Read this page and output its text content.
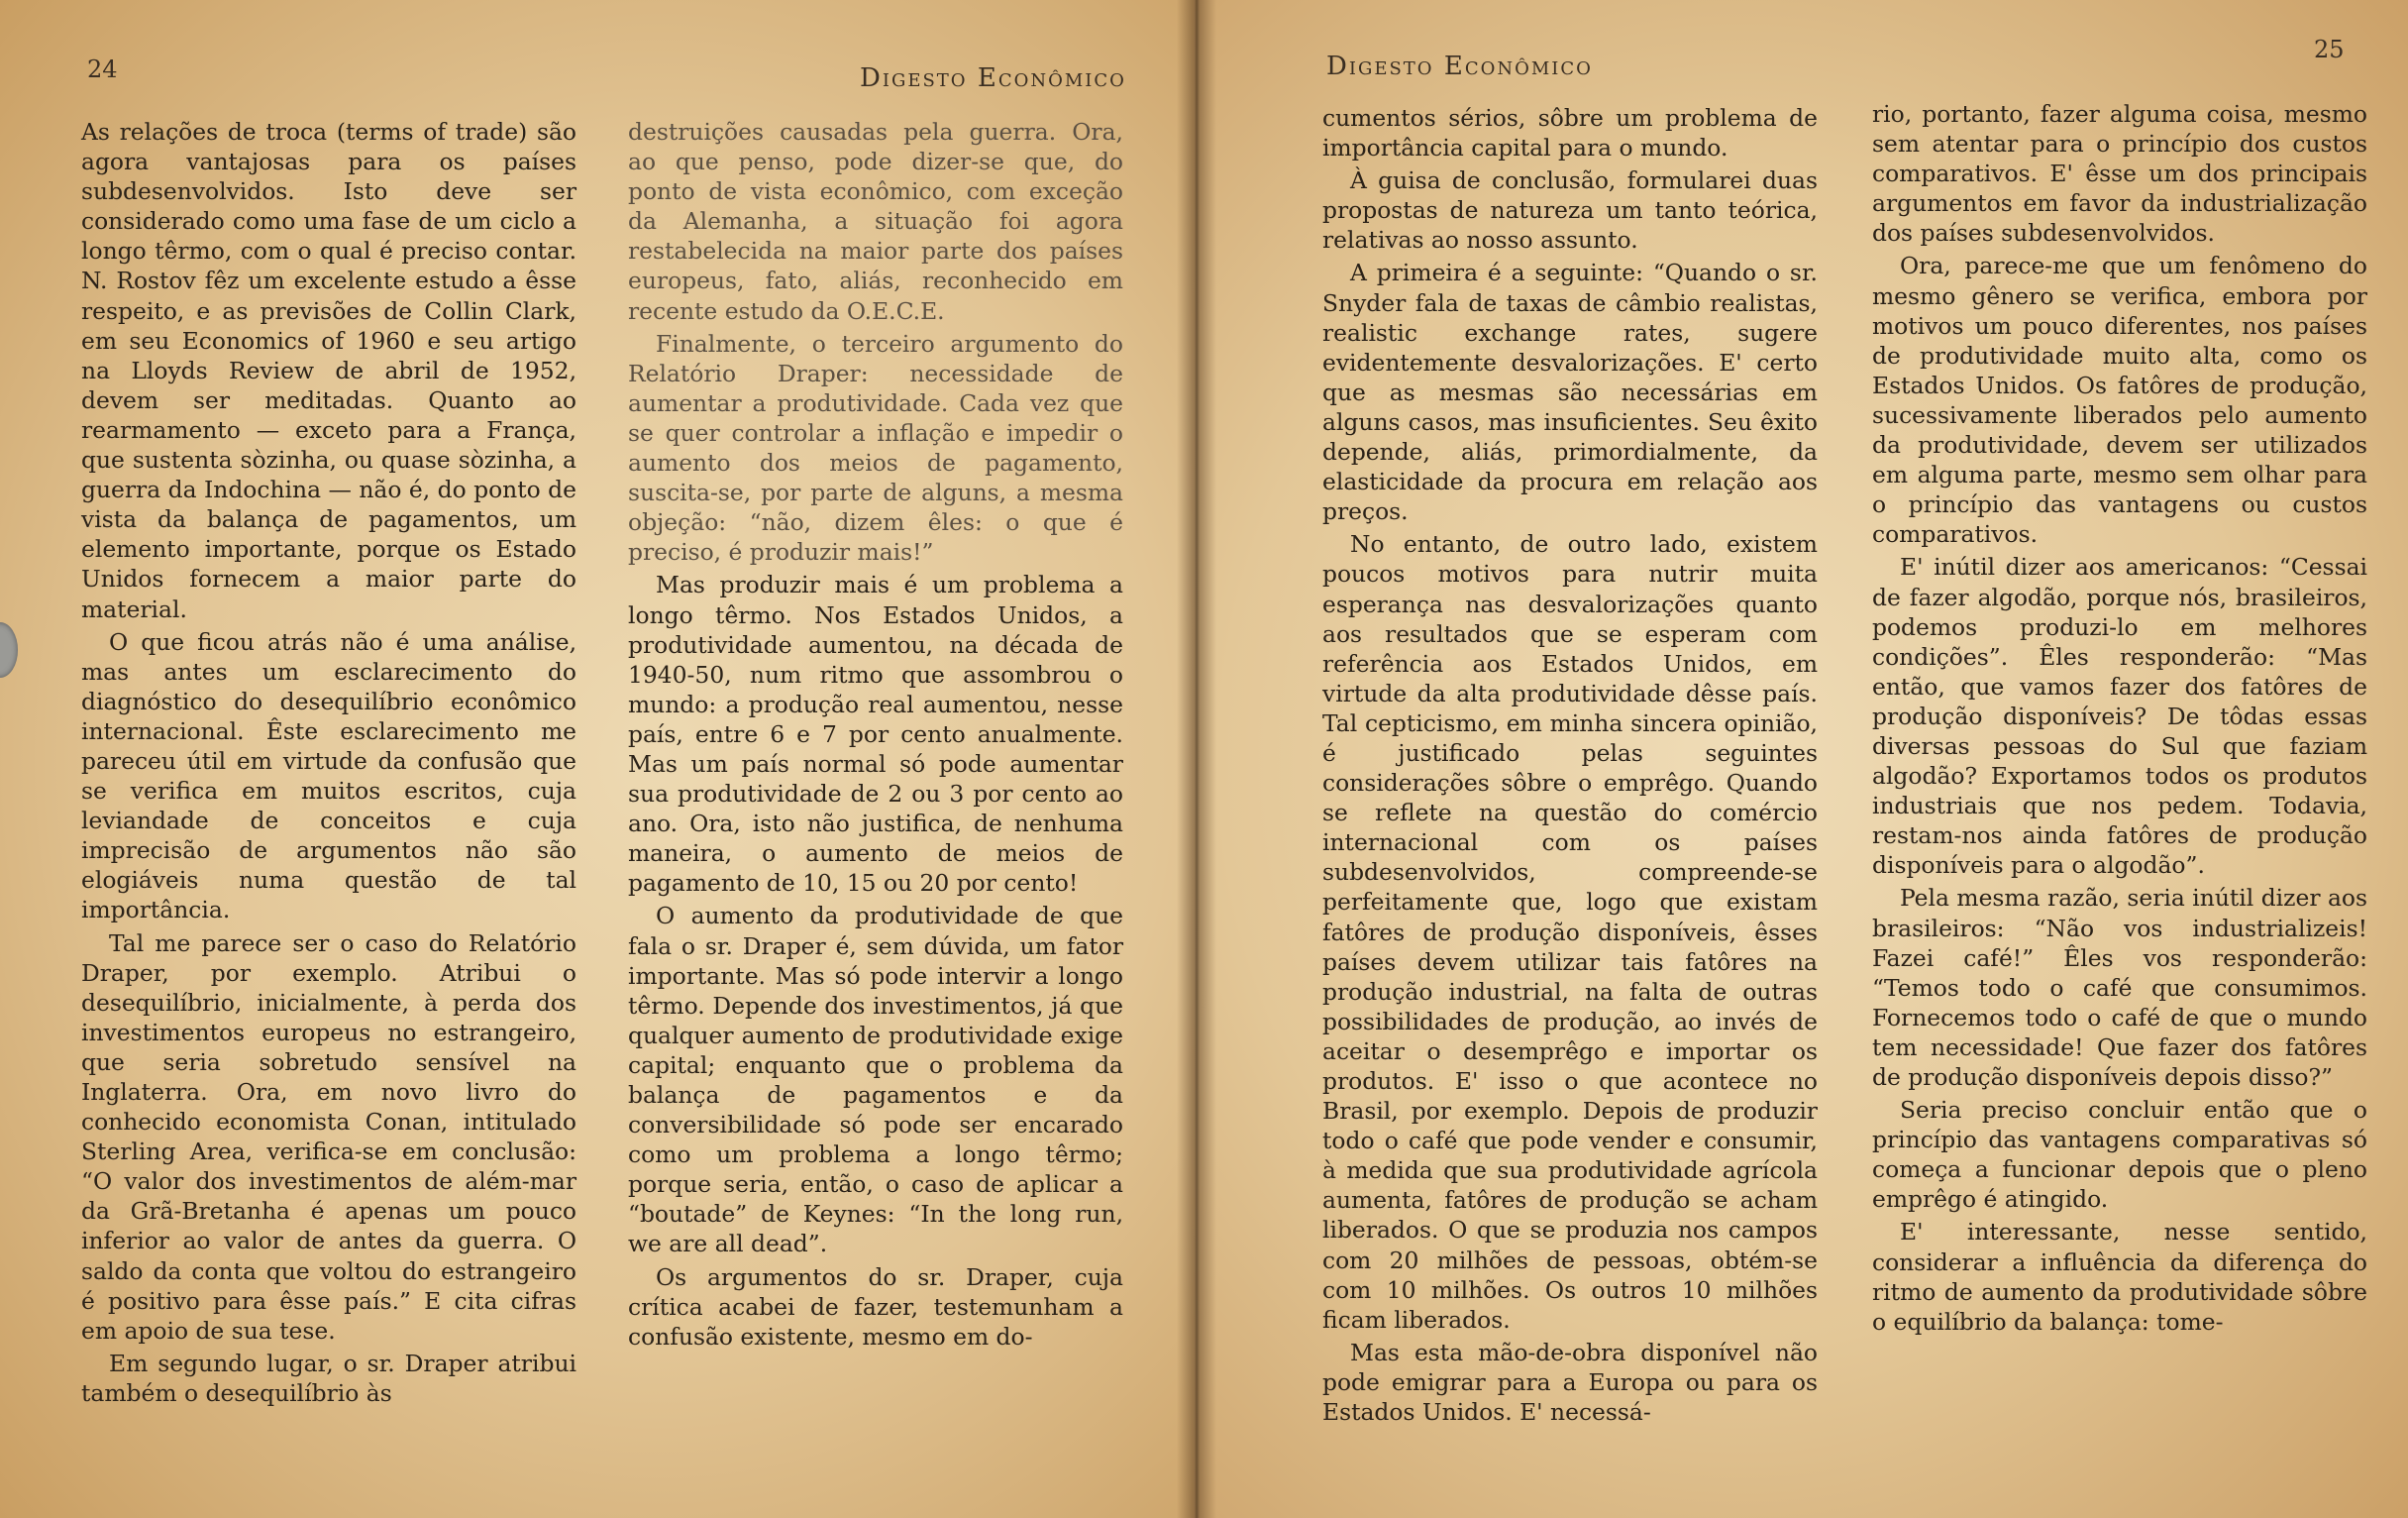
24	Digesto Econômico

As relações de troca (terms of trade) são agora vantajosas para os países subdesenvolvidos. Isto deve ser considerado como uma fase de um ciclo a longo têrmo, com o qual é preciso contar. N. Rostov fêz um excelente estudo a êsse respeito, e as previsões de Collin Clark, em seu Economics of 1960 e seu artigo na Lloyds Review de abril de 1952, devem ser meditadas. Quanto ao rearmamento — exceto para a França, que sustenta sòzinha, ou quase sòzinha, a guerra da Indochina — não é, do ponto de vista da balança de pagamentos, um elemento importante, porque os Estado Unidos fornecem a maior parte do material.

O que ficou atrás não é uma análise, mas antes um esclarecimento do diagnóstico do desequilíbrio econômico internacional. Êste esclarecimento me pareceu útil em virtude da confusão que se verifica em muitos escritos, cuja leviandade de conceitos e cuja imprecisão de argumentos não são elogiáveis numa questão de tal importância.

Tal me parece ser o caso do Relatório Draper, por exemplo. Atribui o desequilíbrio, inicialmente, à perda dos investimentos europeus no estrangeiro, que seria sobretudo sensível na Inglaterra. Ora, em novo livro do conhecido economista Conan, intitulado Sterling Area, verifica-se em conclusão: “O valor dos investimentos de além-mar da Grã-Bretanha é apenas um pouco inferior ao valor de antes da guerra. O saldo da conta que voltou do estrangeiro é positivo para êsse país.” E cita cifras em apoio de sua tese.

Em segundo lugar, o sr. Draper atribui também o desequilíbrio às

destruições causadas pela guerra. Ora, ao que penso, pode dizer-se que, do ponto de vista econômico, com exceção da Alemanha, a situação foi agora restabelecida na maior parte dos países europeus, fato, aliás, reconhecido em recente estudo da O.E.C.E.

Finalmente, o terceiro argumento do Relatório Draper: necessidade de aumentar a produtividade. Cada vez que se quer controlar a inflação e impedir o aumento dos meios de pagamento, suscita-se, por parte de alguns, a mesma objeção: “não, dizem êles: o que é preciso, é produzir mais!”

Mas produzir mais é um problema a longo têrmo. Nos Estados Unidos, a produtividade aumentou, na década de 1940-50, num ritmo que assombrou o mundo: a produção real aumentou, nesse país, entre 6 e 7 por cento anualmente. Mas um país normal só pode aumentar sua produtividade de 2 ou 3 por cento ao ano. Ora, isto não justifica, de nenhuma maneira, o aumento de meios de pagamento de 10, 15 ou 20 por cento!

O aumento da produtividade de que fala o sr. Draper é, sem dúvida, um fator importante. Mas só pode intervir a longo têrmo. Depende dos investimentos, já que qualquer aumento de produtividade exige capital; enquanto que o problema da balança de pagamentos e da conversibilidade só pode ser encarado como um problema a longo têrmo; porque seria, então, o caso de aplicar a “boutade” de Keynes: “In the long run, we are all dead”.

Os argumentos do sr. Draper, cuja crítica acabei de fazer, testemunham a confusão existente, mesmo em do-

Digesto Econômico
25

cumentos sérios, sôbre um problema de importância capital para o mundo.

À guisa de conclusão, formularei duas propostas de natureza um tanto teórica, relativas ao nosso assunto.

A primeira é a seguinte: “Quando o sr. Snyder fala de taxas de câmbio realistas, realistic exchange rates, sugere evidentemente desvalorizações. E' certo que as mesmas são necessárias em alguns casos, mas insuficientes. Seu êxito depende, aliás, primordialmente, da elasticidade da procura em relação aos preços.

No entanto, de outro lado, existem poucos motivos para nutrir muita esperança nas desvalorizações quanto aos resultados que se esperam com referência aos Estados Unidos, em virtude da alta produtividade dêsse país. Tal cepticismo, em minha sincera opinião, é justificado pelas seguintes considerações sôbre o emprêgo. Quando se reflete na questão do comércio internacional com os países subdesenvolvidos, compreende-se perfeitamente que, logo que existam fatôres de produção disponíveis, êsses países devem utilizar tais fatôres na produção industrial, na falta de outras possibilidades de produção, ao invés de aceitar o desemprêgo e importar os produtos. E' isso o que acontece no Brasil, por exemplo. Depois de produzir todo o café que pode vender e consumir, à medida que sua produtividade agrícola aumenta, fatôres de produção se acham liberados. O que se produzia nos campos com 20 milhões de pessoas, obtém-se com 10 milhões. Os outros 10 milhões ficam liberados.

Mas esta mão-de-obra disponível não pode emigrar para a Europa ou para os Estados Unidos. E' necessá-

rio, portanto, fazer alguma coisa, mesmo sem atentar para o princípio dos custos comparativos. E' êsse um dos principais argumentos em favor da industrialização dos países subdesenvolvidos.

Ora, parece-me que um fenômeno do mesmo gênero se verifica, embora por motivos um pouco diferentes, nos países de produtividade muito alta, como os Estados Unidos. Os fatôres de produção, sucessivamente liberados pelo aumento da produtividade, devem ser utilizados em alguma parte, mesmo sem olhar para o princípio das vantagens ou custos comparativos.

E' inútil dizer aos americanos: “Cessai de fazer algodão, porque nós, brasileiros, podemos produzi-lo em melhores condições”. Êles responderão: “Mas então, que vamos fazer dos fatôres de produção disponíveis? De tôdas essas diversas pessoas do Sul que faziam algodão? Exportamos todos os produtos industriais que nos pedem. Todavia, restam-nos ainda fatôres de produção disponíveis para o algodão”.

Pela mesma razão, seria inútil dizer aos brasileiros: “Não vos industrializeis! Fazei café!” Êles vos responderão: “Temos todo o café que consumimos. Fornecemos todo o café de que o mundo tem necessidade! Que fazer dos fatôres de produção disponíveis depois disso?”

Seria preciso concluir então que o princípio das vantagens comparativas só começa a funcionar depois que o pleno emprêgo é atingido.

E' interessante, nesse sentido, considerar a influência da diferença do ritmo de aumento da produtividade sôbre o equilíbrio da balança: tome-
